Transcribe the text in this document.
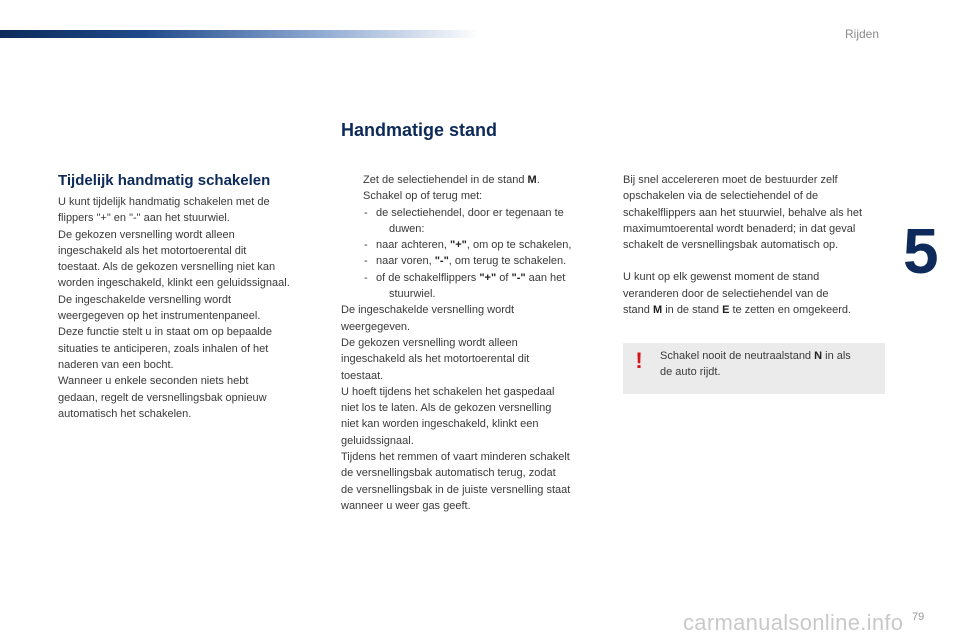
Rijden
5
Handmatige stand
Tijdelijk handmatig schakelen
U kunt tijdelijk handmatig schakelen met de
flippers "+" en "-" aan het stuurwiel.
De gekozen versnelling wordt alleen
ingeschakeld als het motortoerental dit
toestaat. Als de gekozen versnelling niet kan
worden ingeschakeld, klinkt een geluidssignaal.
De ingeschakelde versnelling wordt
weergegeven op het instrumentenpaneel.
Deze functie stelt u in staat om op bepaalde
situaties te anticiperen, zoals inhalen of het
naderen van een bocht.
Wanneer u enkele seconden niets hebt
gedaan, regelt de versnellingsbak opnieuw
automatisch het schakelen.
Zet de selectiehendel in de stand M.
Schakel op of terug met:
- de selectiehendel, door er tegenaan te
duwen:
- naar achteren, "+", om op te schakelen,
- naar voren, "-", om terug te schakelen.
- of de schakelflippers "+" of "-" aan het
stuurwiel.
De ingeschakelde versnelling wordt
weergegeven.
De gekozen versnelling wordt alleen
ingeschakeld als het motortoerental dit
toestaat.
U hoeft tijdens het schakelen het gaspedaal
niet los te laten. Als de gekozen versnelling
niet kan worden ingeschakeld, klinkt een
geluidssignaal.
Tijdens het remmen of vaart minderen schakelt
de versnellingsbak automatisch terug, zodat
de versnellingsbak in de juiste versnelling staat
wanneer u weer gas geeft.
Bij snel accelereren moet de bestuurder zelf
opschakelen via de selectiehendel of de
schakelflippers aan het stuurwiel, behalve als het
maximumtoerental wordt benaderd; in dat geval
schakelt de versnellingsbak automatisch op.
U kunt op elk gewenst moment de stand
veranderen door de selectiehendel van de
stand M in de stand E te zetten en omgekeerd.
! Schakel nooit de neutraalstand N in als
de auto rijdt.
carmanualsonline.info 79
